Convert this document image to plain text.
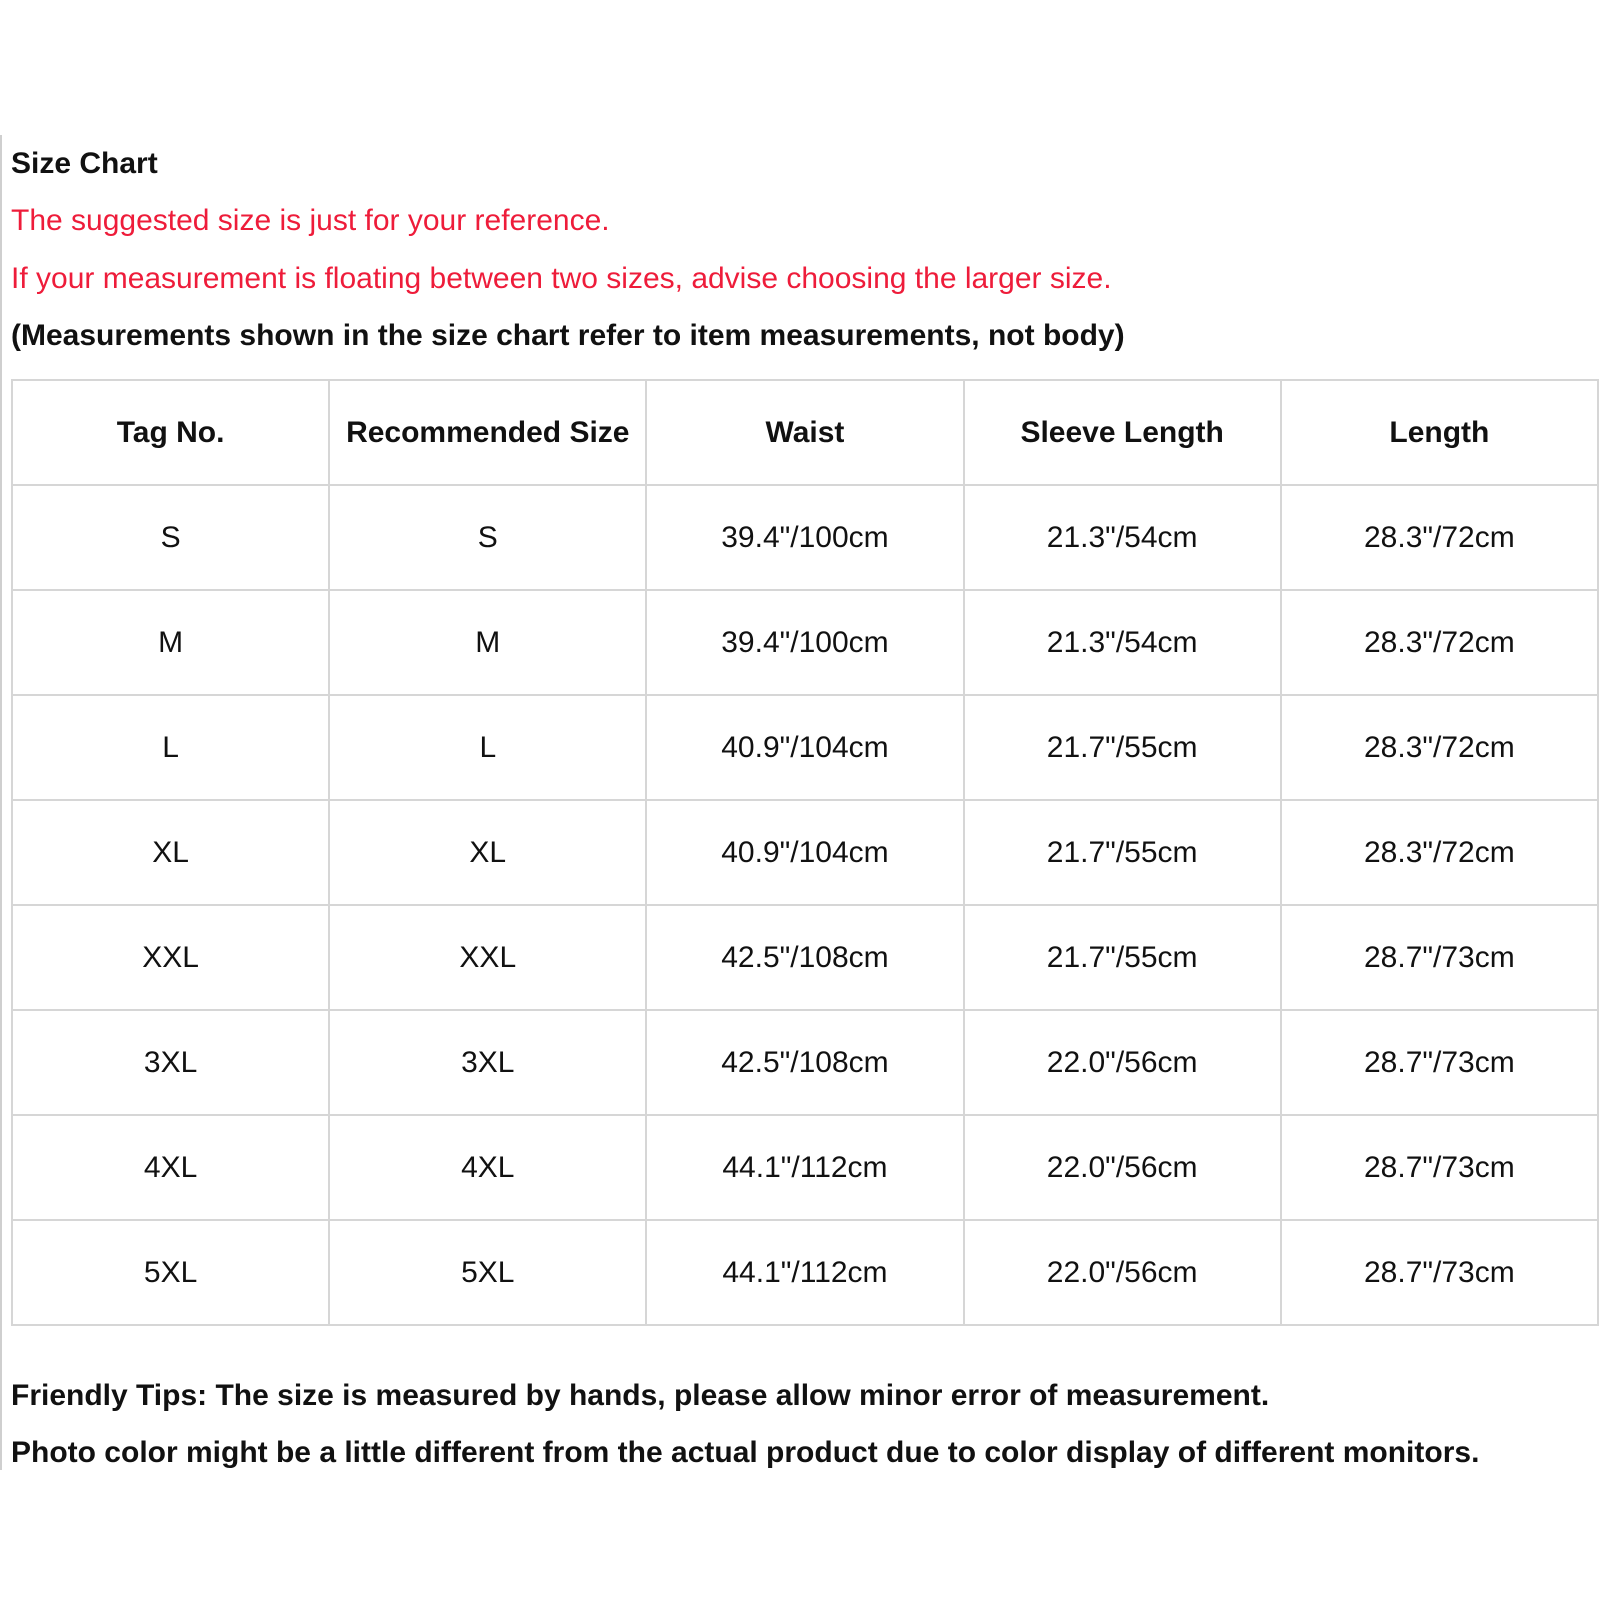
Size Chart
The suggested size is just for your reference.
If your measurement is floating between two sizes, advise choosing the larger size.
(Measurements shown in the size chart refer to item measurements, not body)
Tag No.	Recommended Size	Waist	Sleeve Length	Length
S	S	39.4"/100cm	21.3"/54cm	28.3"/72cm
M	M	39.4"/100cm	21.3"/54cm	28.3"/72cm
L	L	40.9"/104cm	21.7"/55cm	28.3"/72cm
XL	XL	40.9"/104cm	21.7"/55cm	28.3"/72cm
XXL	XXL	42.5"/108cm	21.7"/55cm	28.7"/73cm
3XL	3XL	42.5"/108cm	22.0"/56cm	28.7"/73cm
4XL	4XL	44.1"/112cm	22.0"/56cm	28.7"/73cm
5XL	5XL	44.1"/112cm	22.0"/56cm	28.7"/73cm
Friendly Tips: The size is measured by hands, please allow minor error of measurement.
Photo color might be a little different from the actual product due to color display of different monitors.
